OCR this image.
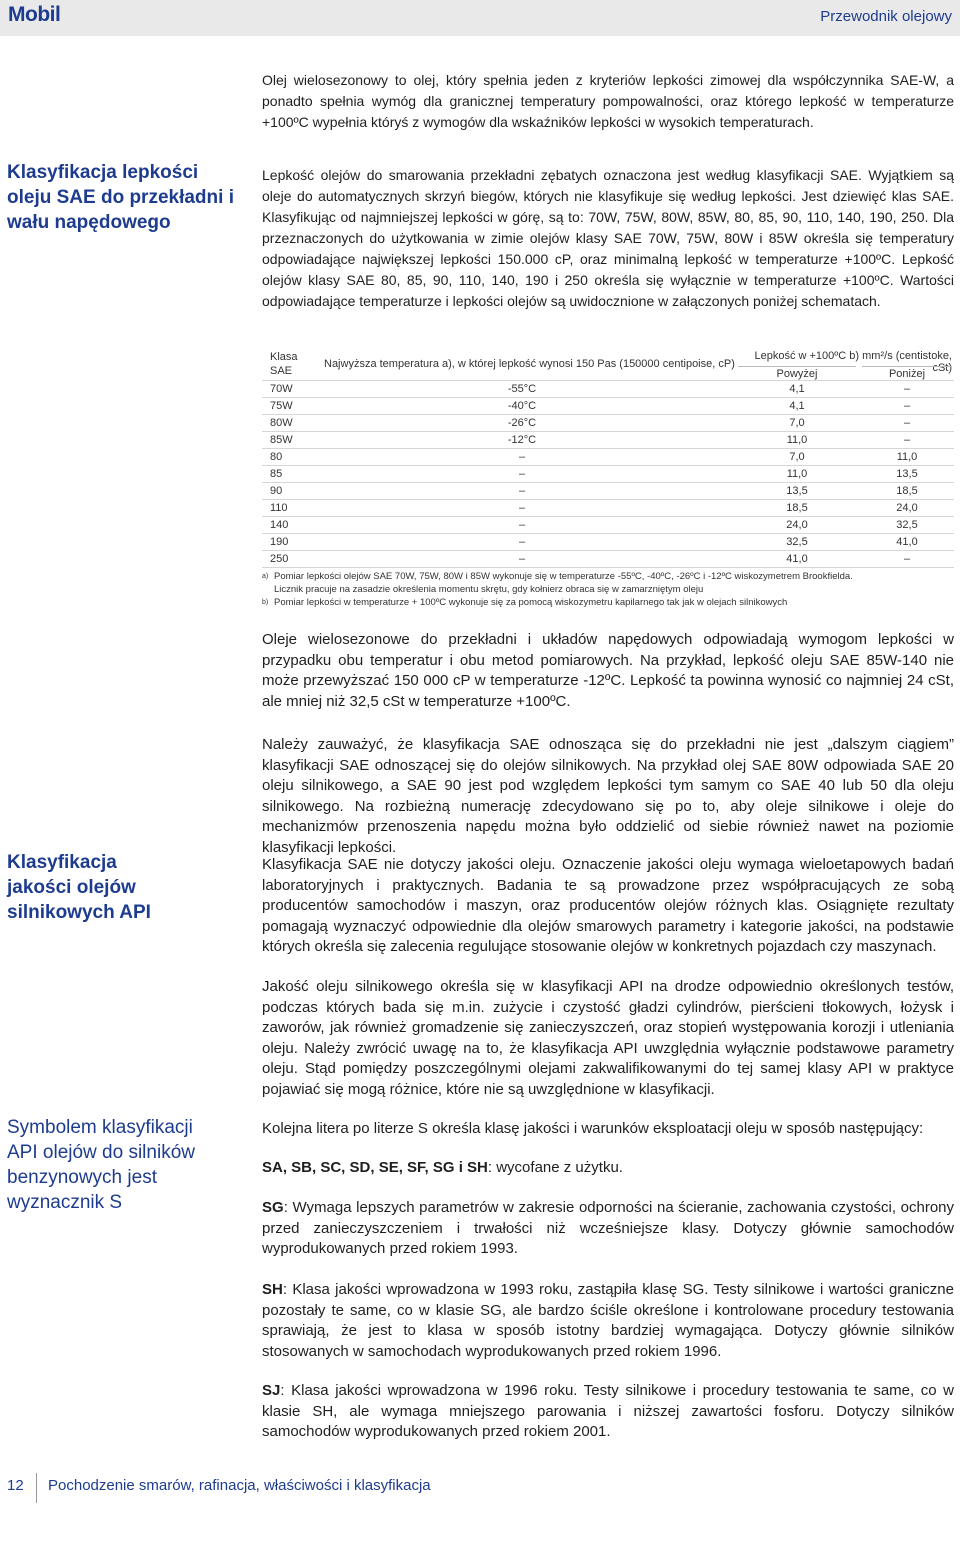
Mobil	Przewodnik olejowy
Klasyfikacja lepkości oleju SAE do przekładni i wału napędowego
Klasyfikacja jakości olejów silnikowych API
Symbolem klasyfikacji API olejów do silników benzynowych jest wyznacznik S

Olej wielosezonowy to olej, który spełnia jeden z kryteriów lepkości zimowej dla współczynnika SAE-W, a ponadto spełnia wymóg dla granicznej temperatury pompowalności, oraz którego lepkość w temperaturze +100ºC wypełnia któryś z wymogów dla wskaźników lepkości w wysokich temperaturach.

Lepkość olejów do smarowania przekładni zębatych oznaczona jest według klasyfikacji SAE. Wyjątkiem są oleje do automatycznych skrzyń biegów, których nie klasyfikuje się według lepkości. Jest dziewięć klas SAE. Klasyfikując od najmniejszej lepkości w górę, są to: 70W, 75W, 80W, 85W, 80, 85, 90, 110, 140, 190, 250. Dla przeznaczonych do użytkowania w zimie olejów klasy SAE 70W, 75W, 80W i 85W określa się temperatury odpowiadające największej lepkości 150.000 cP, oraz minimalną lepkość w temperaturze +100ºC. Lepkość olejów klasy SAE 80, 85, 90, 110, 140, 190 i 250 określa się wyłącznie w temperaturze +100ºC. Wartości odpowiadające temperaturze i lepkości olejów są uwidocznione w załączonych poniżej schematach.

Klasa SAE
Najwyższa temperatura a), w której lepkość wynosi 150 Pas (150000 centipoise, cP)
Lepkość w +100ºC b) mm²/s (centistoke, cSt)
Powyżej	Poniżej
70W	-55°C	4,1	–
75W	-40°C	4,1	–
80W	-26°C	7,0	–
85W	-12°C	11,0	–
80	–	7,0	11,0
85	–	11,0	13,5
90	–	13,5	18,5
110	–	18,5	24,0
140	–	24,0	32,5
190	–	32,5	41,0
250	–	41,0	–
a) Pomiar lepkości olejów SAE 70W, 75W, 80W i 85W wykonuje się w temperaturze -55ºC, -40ºC, -26ºC i -12ºC wiskozymetrem Brookfielda.
Licznik pracuje na zasadzie określenia momentu skrętu, gdy kołnierz obraca się w zamarzniętym oleju
b) Pomiar lepkości w temperaturze + 100ºC wykonuje się za pomocą wiskozymetru kapilarnego tak jak w olejach silnikowych

Oleje wielosezonowe do przekładni i układów napędowych odpowiadają wymogom lepkości w przypadku obu temperatur i obu metod pomiarowych. Na przykład, lepkość oleju SAE 85W-140 nie może przewyższać 150 000 cP w temperaturze -12ºC. Lepkość ta powinna wynosić co najmniej 24 cSt, ale mniej niż 32,5 cSt w temperaturze +100ºC.

Należy zauważyć, że klasyfikacja SAE odnosząca się do przekładni nie jest „dalszym ciągiem” klasyfikacji SAE odnoszącej się do olejów silnikowych. Na przykład olej SAE 80W odpowiada SAE 20 oleju silnikowego, a SAE 90 jest pod względem lepkości tym samym co SAE 40 lub 50 dla oleju silnikowego. Na rozbieżną numerację zdecydowano się po to, aby oleje silnikowe i oleje do mechanizmów przenoszenia napędu można było oddzielić od siebie również nawet na poziomie klasyfikacji lepkości.

Klasyfikacja SAE nie dotyczy jakości oleju. Oznaczenie jakości oleju wymaga wieloetapowych badań laboratoryjnych i praktycznych. Badania te są prowadzone przez współpracujących ze sobą producentów samochodów i maszyn, oraz producentów olejów różnych klas. Osiągnięte rezultaty pomagają wyznaczyć odpowiednie dla olejów smarowych parametry i kategorie jakości, na podstawie których określa się zalecenia regulujące stosowanie olejów w konkretnych pojazdach czy maszynach.

Jakość oleju silnikowego określa się w klasyfikacji API na drodze odpowiednio określonych testów, podczas których bada się m.in. zużycie i czystość gładzi cylindrów, pierścieni tłokowych, łożysk i zaworów, jak również gromadzenie się zanieczyszczeń, oraz stopień występowania korozji i utleniania oleju. Należy zwrócić uwagę na to, że klasyfikacja API uwzględnia wyłącznie podstawowe parametry oleju. Stąd pomiędzy poszczególnymi olejami zakwalifikowanymi do tej samej klasy API w praktyce pojawiać się mogą różnice, które nie są uwzględnione w klasyfikacji.

Kolejna litera po literze S określa klasę jakości i warunków eksploatacji oleju w sposób następujący:

SA, SB, SC, SD, SE, SF, SG i SH: wycofane z użytku.

SG: Wymaga lepszych parametrów w zakresie odporności na ścieranie, zachowania czystości, ochrony przed zanieczyszczeniem i trwałości niż wcześniejsze klasy. Dotyczy głównie samochodów wyprodukowanych przed rokiem 1993.

SH: Klasa jakości wprowadzona w 1993 roku, zastąpiła klasę SG. Testy silnikowe i wartości graniczne pozostały te same, co w klasie SG, ale bardzo ściśle określone i kontrolowane procedury testowania sprawiają, że jest to klasa w sposób istotny bardziej wymagająca. Dotyczy głównie silników stosowanych w samochodach wyprodukowanych przed rokiem 1996.

SJ: Klasa jakości wprowadzona w 1996 roku. Testy silnikowe i procedury testowania te same, co w klasie SH, ale wymaga mniejszego parowania i niższej zawartości fosforu. Dotyczy silników samochodów wyprodukowanych przed rokiem 2001.

12 Pochodzenie smarów, rafinacja, właściwości i klasyfikacja
